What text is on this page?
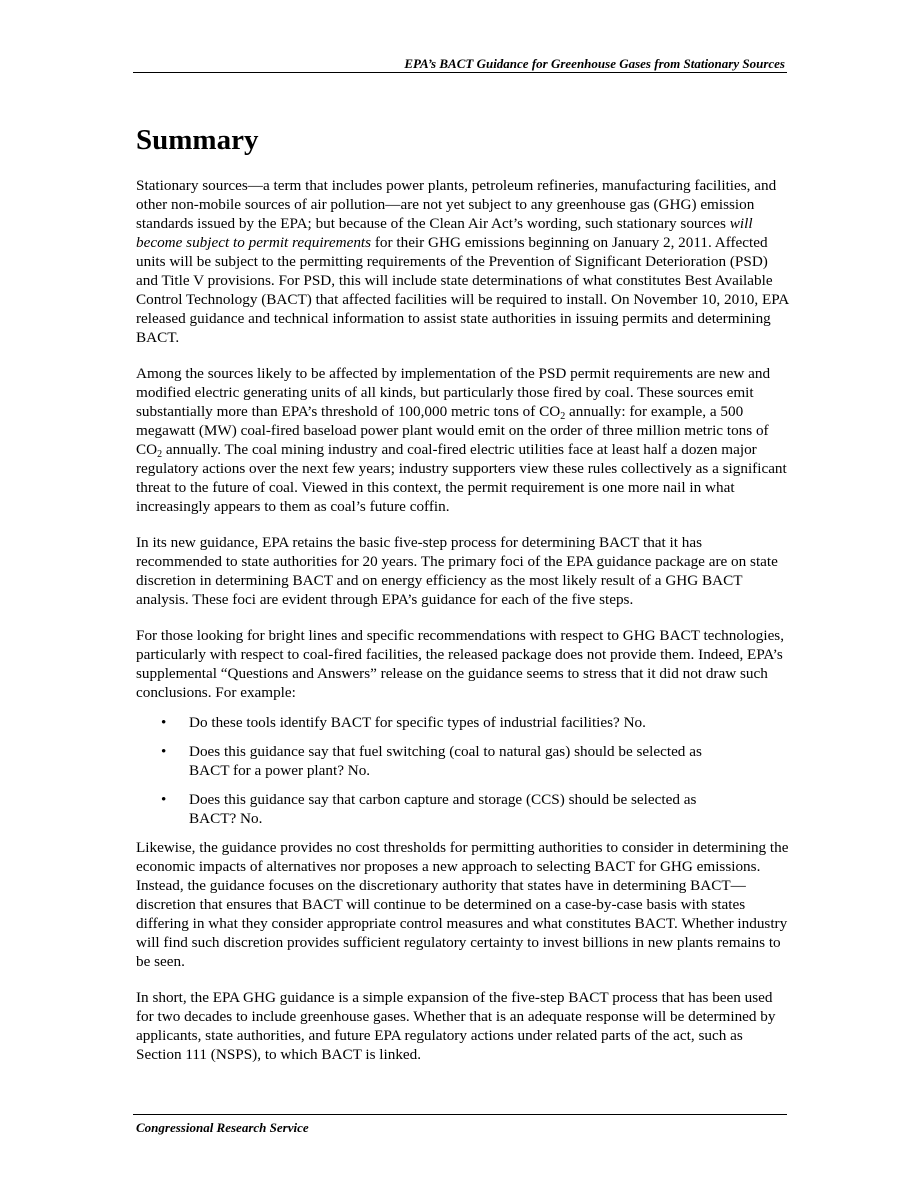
EPA’s BACT Guidance for Greenhouse Gases from Stationary Sources
Summary

Stationary sources—a term that includes power plants, petroleum refineries, manufacturing facilities, and other non-mobile sources of air pollution—are not yet subject to any greenhouse gas (GHG) emission standards issued by the EPA; but because of the Clean Air Act’s wording, such stationary sources will become subject to permit requirements for their GHG emissions beginning on January 2, 2011. Affected units will be subject to the permitting requirements of the Prevention of Significant Deterioration (PSD) and Title V provisions. For PSD, this will include state determinations of what constitutes Best Available Control Technology (BACT) that affected facilities will be required to install. On November 10, 2010, EPA released guidance and technical information to assist state authorities in issuing permits and determining BACT.

Among the sources likely to be affected by implementation of the PSD permit requirements are new and modified electric generating units of all kinds, but particularly those fired by coal. These sources emit substantially more than EPA’s threshold of 100,000 metric tons of $CO_2$ annually: for example, a 500 megawatt (MW) coal-fired baseload power plant would emit on the order of three million metric tons of $CO_2$ annually. The coal mining industry and coal-fired electric utilities face at least half a dozen major regulatory actions over the next few years; industry supporters view these rules collectively as a significant threat to the future of coal. Viewed in this context, the permit requirement is one more nail in what increasingly appears to them as coal’s future coffin.

In its new guidance, EPA retains the basic five-step process for determining BACT that it has recommended to state authorities for 20 years. The primary foci of the EPA guidance package are on state discretion in determining BACT and on energy efficiency as the most likely result of a GHG BACT analysis. These foci are evident through EPA’s guidance for each of the five steps.

For those looking for bright lines and specific recommendations with respect to GHG BACT technologies, particularly with respect to coal-fired facilities, the released package does not provide them. Indeed, EPA’s supplemental “Questions and Answers” release on the guidance seems to stress that it did not draw such conclusions. For example:

• Do these tools identify BACT for specific types of industrial facilities? No.
• Does this guidance say that fuel switching (coal to natural gas) should be selected as BACT for a power plant? No.
• Does this guidance say that carbon capture and storage (CCS) should be selected as BACT? No.

Likewise, the guidance provides no cost thresholds for permitting authorities to consider in determining the economic impacts of alternatives nor proposes a new approach to selecting BACT for GHG emissions. Instead, the guidance focuses on the discretionary authority that states have in determining BACT—discretion that ensures that BACT will continue to be determined on a case-by-case basis with states differing in what they consider appropriate control measures and what constitutes BACT. Whether industry will find such discretion provides sufficient regulatory certainty to invest billions in new plants remains to be seen.

In short, the EPA GHG guidance is a simple expansion of the five-step BACT process that has been used for two decades to include greenhouse gases. Whether that is an adequate response will be determined by applicants, state authorities, and future EPA regulatory actions under related parts of the act, such as Section 111 (NSPS), to which BACT is linked.

Congressional Research Service
